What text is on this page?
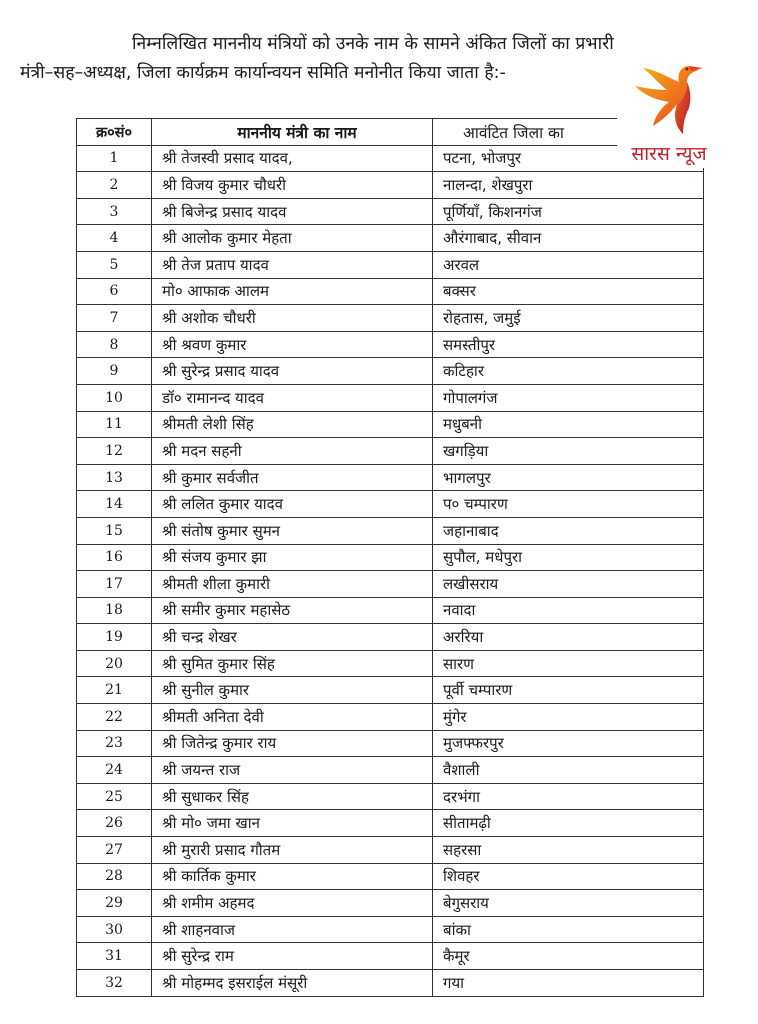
निम्नलिखित माननीय मंत्रियों को उनके नाम के सामने अंकित जिलों का प्रभारी
मंत्री–सह–अध्यक्ष, जिला कार्यक्रम कार्यान्वयन समिति मनोनीत किया जाता है:-
क्र०सं०	माननीय मंत्री का नाम	आवंटित जिला का
1	श्री तेजस्वी प्रसाद यादव,	पटना, भोजपुर
2	श्री विजय कुमार चौधरी	नालन्दा, शेखपुरा
3	श्री बिजेन्द्र प्रसाद यादव	पूर्णियाँ, किशनगंज
4	श्री आलोक कुमार मेहता	औरंगाबाद, सीवान
5	श्री तेज प्रताप यादव	अरवल
6	मो० आफाक आलम	बक्सर
7	श्री अशोक चौधरी	रोहतास, जमुई
8	श्री श्रवण कुमार	समस्तीपुर
9	श्री सुरेन्द्र प्रसाद यादव	कटिहार
10	डॉ० रामानन्द यादव	गोपालगंज
11	श्रीमती लेशी सिंह	मधुबनी
12	श्री मदन सहनी	खगड़िया
13	श्री कुमार सर्वजीत	भागलपुर
14	श्री ललित कुमार यादव	प० चम्पारण
15	श्री संतोष कुमार सुमन	जहानाबाद
16	श्री संजय कुमार झा	सुपौल, मधेपुरा
17	श्रीमती शीला कुमारी	लखीसराय
18	श्री समीर कुमार महासेठ	नवादा
19	श्री चन्द्र शेखर	अररिया
20	श्री सुमित कुमार सिंह	सारण
21	श्री सुनील कुमार	पूर्वी चम्पारण
22	श्रीमती अनिता देवी	मुंगेर
23	श्री जितेन्द्र कुमार राय	मुजफ्फरपुर
24	श्री जयन्त राज	वैशाली
25	श्री सुधाकर सिंह	दरभंगा
26	श्री मो० जमा खान	सीतामढ़ी
27	श्री मुरारी प्रसाद गौतम	सहरसा
28	श्री कार्तिक कुमार	शिवहर
29	श्री शमीम अहमद	बेगुसराय
30	श्री शाहनवाज	बांका
31	श्री सुरेन्द्र राम	कैमूर
32	श्री मोहम्मद इसराईल मंसूरी	गया
सारस न्यूज
